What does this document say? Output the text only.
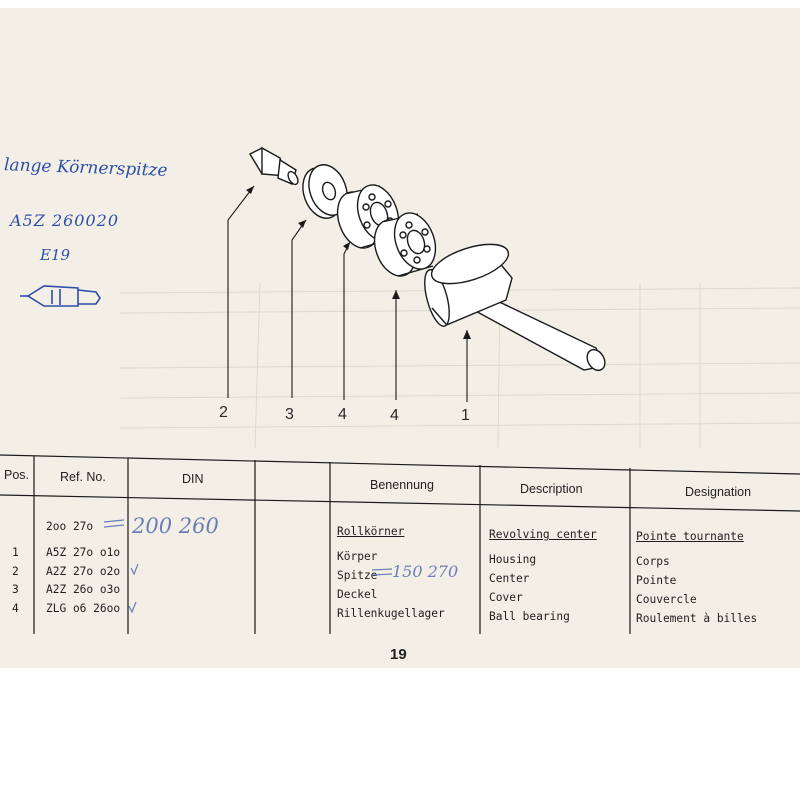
lange Körnerspitze
A5Z 260020
E19
2	3	4	4	1
Pos. Ref. No.	DIN	Benennung	Description	Designation
2oo 27o 200 260	Rollkörner	Revolving center	Pointe tournante
1 A5Z 27o o1o	Körper	Housing	Corps
2 A2Z 27o o2o	Spitze 150 270	Center	Pointe
3 A2Z 26o o3o	Deckel	Cover	Couvercle
4 ZLG o6 26oo	Rillenkugellager	Ball bearing	Roulement à billes
19
